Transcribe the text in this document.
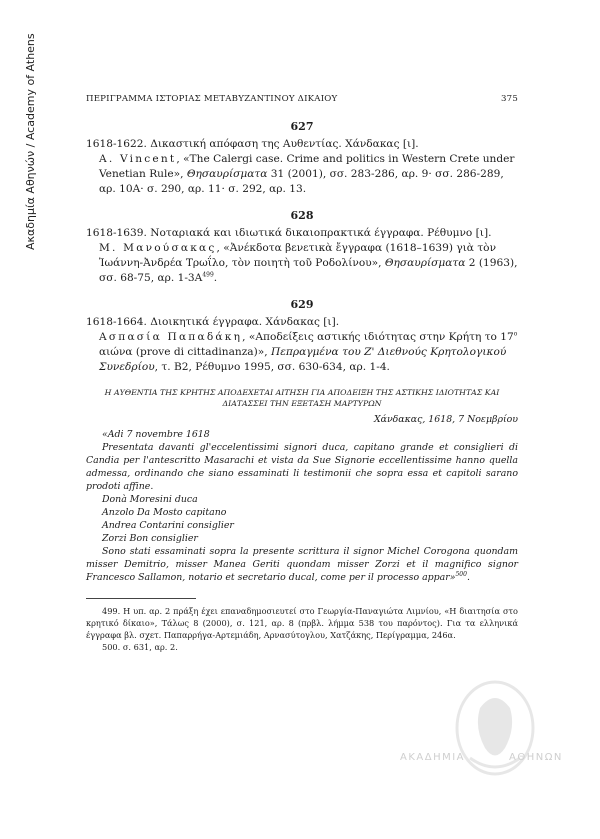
Ακαδημία Αθηνών / Academy of Athens	ΠΕΡΙΓΡΑΜΜΑ ΙΣΤΟΡΙΑΣ ΜΕΤΑΒΥΖΑΝΤΙΝΟΥ ΔΙΚΑΙΟΥ	375
627
1618-1622. Δικαστική απόφαση της Αυθεντίας. Χάνδακας [ι].
A. Vincent, «The Calergi case. Crime and politics in Western Crete under Venetian Rule», Θησαυρίσματα 31 (2001), σσ. 283-286, αρ. 9· σσ. 286-289, αρ. 10Α· σ. 290, αρ. 11· σ. 292, αρ. 13.
628
1618-1639. Νοταριακά και ιδιωτικά δικαιοπρακτικά έγγραφα. Ρέθυμνο [ι].
Μ. Μανούσακας, «Ἀνέκδοτα βενετικὰ ἔγγραφα (1618–1639) γιὰ τὸν Ἰωάννη-Ἀνδρέα Τρωΐλο, τὸν ποιητὴ τοῦ Ροδολίνου», Θησαυρίσματα 2 (1963), σσ. 68-75, αρ. $1-3A^{499}$.
629
1618-1664. Διοικητικά έγγραφα. Χάνδακας [ι].
Ασπασία Παπαδάκη, «Αποδείξεις αστικής ιδιότητας στην Κρήτη το $17^o$ αιώνα (prove di cittadinanza)», Πεπραγμένα του Ζ' Διεθνούς Κρητολογικού Συνεδρίου, τ. Β2, Ρέθυμνο 1995, σσ. 630-634, αρ. 1-4.
Η ΑΥΘΕΝΤΙΑ ΤΗΣ ΚΡΗΤΗΣ ΑΠΟΔΕΧΕΤΑΙ ΑΙΤΗΣΗ ΓΙΑ ΑΠΟΔΕΙΞΗ ΤΗΣ ΑΣΤΙΚΗΣ ΙΔΙΟΤΗΤΑΣ ΚΑΙ ΔΙΑΤΑΣΣΕΙ ΤΗΝ ΕΞΕΤΑΣΗ ΜΑΡΤΥΡΩΝ
Χάνδακας, 1618, 7 Νοεμβρίου

«Adi 7 novembre 1618

Presentata davanti gl'eccelentissimi signori duca, capitano grande et consiglieri di Candia per l'antescritto Masarachi et vista da Sue Signorie eccellentissime hanno quella admessa, ordinando che siano essaminati li testimonii che sopra essa et capitoli sarano prodoti affine.

Donà Moresini duca

Anzolo Da Mosto capitano

Andrea Contarini consiglier

Zorzi Bon consiglier

Sono stati essaminati sopra la presente scrittura il signor Michel Corogona quondam misser Demitrio, misser Manea Geriti quondam misser Zorzi et il magnifico signor Francesco Sallamon, notario et secretario ducal, come per il processo appar»$^{500}$.

499. Η υπ. αρ. 2 πράξη έχει επαναδημοσιευτεί στο Γεωργία-Παναγιώτα Λιμνίου, «Η διαιτησία στο κρητικό δίκαιο», Τάλως 8 (2000), σ. 121, αρ. 8 (πρβλ. λήμμα 538 του παρόντος). Για τα ελληνικά έγγραφα βλ. σχετ. Παπαρρήγα-Αρτεμιάδη, Αρνασύτογλου, Χατζάκης, Περίγραμμα, 246α.

500. σ. 631, αρ. 2.

ΑΚΑΔΗΜΙΑ	ΑΘΗΝΩΝ
